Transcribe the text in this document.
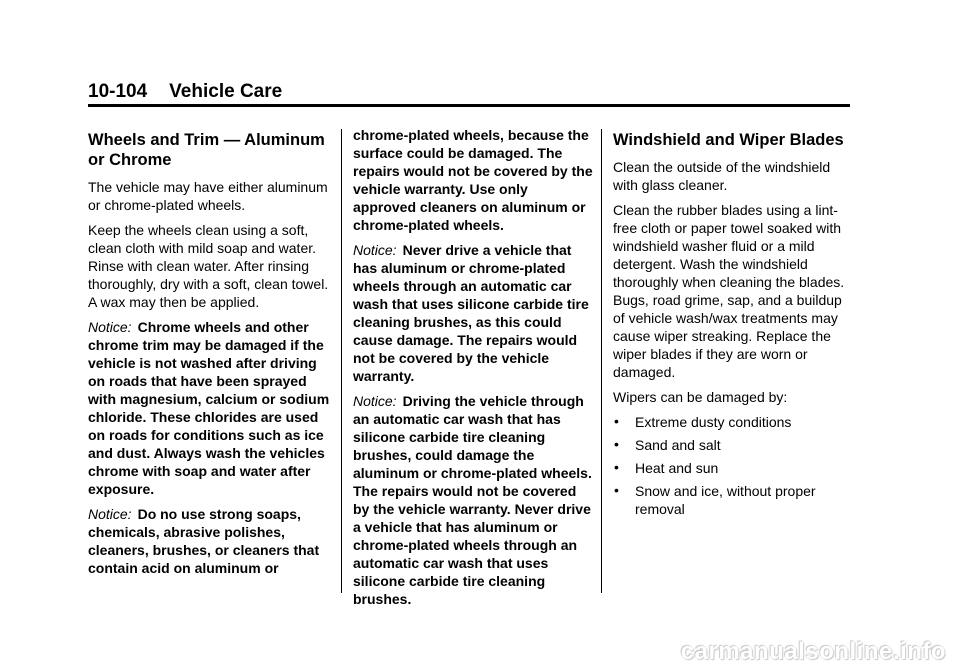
10-104 Vehicle Care
Wheels and Trim — Aluminum or Chrome

The vehicle may have either aluminum or chrome-plated wheels.

Keep the wheels clean using a soft, clean cloth with mild soap and water. Rinse with clean water. After rinsing thoroughly, dry with a soft, clean towel. A wax may then be applied.

Notice: Chrome wheels and other chrome trim may be damaged if the vehicle is not washed after driving on roads that have been sprayed with magnesium, calcium or sodium chloride. These chlorides are used on roads for conditions such as ice and dust. Always wash the vehicles chrome with soap and water after exposure.

Notice: Do no use strong soaps, chemicals, abrasive polishes, cleaners, brushes, or cleaners that contain acid on aluminum or

chrome-plated wheels, because the surface could be damaged. The repairs would not be covered by the vehicle warranty. Use only approved cleaners on aluminum or chrome-plated wheels.

Notice: Never drive a vehicle that has aluminum or chrome-plated wheels through an automatic car wash that uses silicone carbide tire cleaning brushes, as this could cause damage. The repairs would not be covered by the vehicle warranty.

Notice: Driving the vehicle through an automatic car wash that has silicone carbide tire cleaning brushes, could damage the aluminum or chrome-plated wheels. The repairs would not be covered by the vehicle warranty. Never drive a vehicle that has aluminum or chrome-plated wheels through an automatic car wash that uses silicone carbide tire cleaning brushes.

Windshield and Wiper Blades

Clean the outside of the windshield with glass cleaner.

Clean the rubber blades using a lint-free cloth or paper towel soaked with windshield washer fluid or a mild detergent. Wash the windshield thoroughly when cleaning the blades. Bugs, road grime, sap, and a buildup of vehicle wash/wax treatments may cause wiper streaking. Replace the wiper blades if they are worn or damaged.

Wipers can be damaged by:

• Extreme dusty conditions
• Sand and salt
• Heat and sun
• Snow and ice, without proper removal
carmanualsonline.info
